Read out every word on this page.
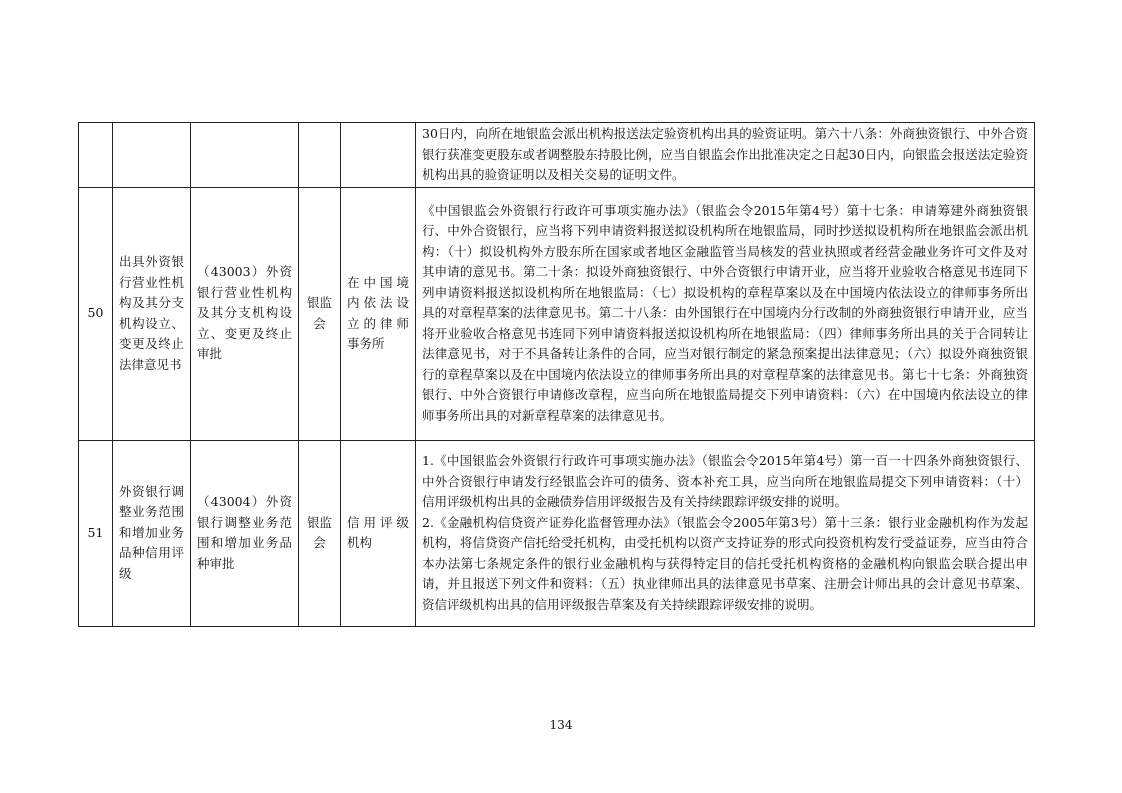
					30日内，向所在地银监会派出机构报送法定验资机构出具的验资证明。第六十八条：外商独资银行、中外合资银行获准变更股东或者调整股东持股比例，应当自银监会作出批准决定之日起30日内，向银监会报送法定验资机构出具的验资证明以及相关交易的证明文件。

50	出具外资银行营业性机构及其分支机构设立、变更及终止法律意见书	（43003）外资银行营业性机构及其分支机构设立、变更及终止审批	银监会	在中国境内依法设立的律师事务所	《中国银监会外资银行行政许可事项实施办法》（银监会令2015年第4号）第十七条：申请筹建外商独资银行、中外合资银行，应当将下列申请资料报送拟设机构所在地银监局，同时抄送拟设机构所在地银监会派出机构：（十）拟设机构外方股东所在国家或者地区金融监管当局核发的营业执照或者经营金融业务许可文件及对其申请的意见书。第二十条：拟设外商独资银行、中外合资银行申请开业，应当将开业验收合格意见书连同下列申请资料报送拟设机构所在地银监局：（七）拟设机构的章程草案以及在中国境内依法设立的律师事务所出具的对章程草案的法律意见书。第二十八条：由外国银行在中国境内分行改制的外商独资银行申请开业，应当将开业验收合格意见书连同下列申请资料报送拟设机构所在地银监局：（四）律师事务所出具的关于合同转让法律意见书，对于不具备转让条件的合同，应当对银行制定的紧急预案提出法律意见；（六）拟设外商独资银行的章程草案以及在中国境内依法设立的律师事务所出具的对章程草案的法律意见书。第七十七条：外商独资银行、中外合资银行申请修改章程，应当向所在地银监局提交下列申请资料：（六）在中国境内依法设立的律师事务所出具的对新章程草案的法律意见书。

51	外资银行调整业务范围和增加业务品种信用评级	（43004）外资银行调整业务范围和增加业务品种审批	银监会	信用评级机构	1.《中国银监会外资银行行政许可事项实施办法》（银监会令2015年第4号）第一百一十四条外商独资银行、中外合资银行申请发行经银监会许可的债务、资本补充工具，应当向所在地银监局提交下列申请资料：（十）信用评级机构出具的金融债券信用评级报告及有关持续跟踪评级安排的说明。
2.《金融机构信贷资产证券化监督管理办法》（银监会令2005年第3号）第十三条：银行业金融机构作为发起机构，将信贷资产信托给受托机构，由受托机构以资产支持证券的形式向投资机构发行受益证券，应当由符合本办法第七条规定条件的银行业金融机构与获得特定目的信托受托机构资格的金融机构向银监会联合提出申请，并且报送下列文件和资料：（五）执业律师出具的法律意见书草案、注册会计师出具的会计意见书草案、资信评级机构出具的信用评级报告草案及有关持续跟踪评级安排的说明。
134
